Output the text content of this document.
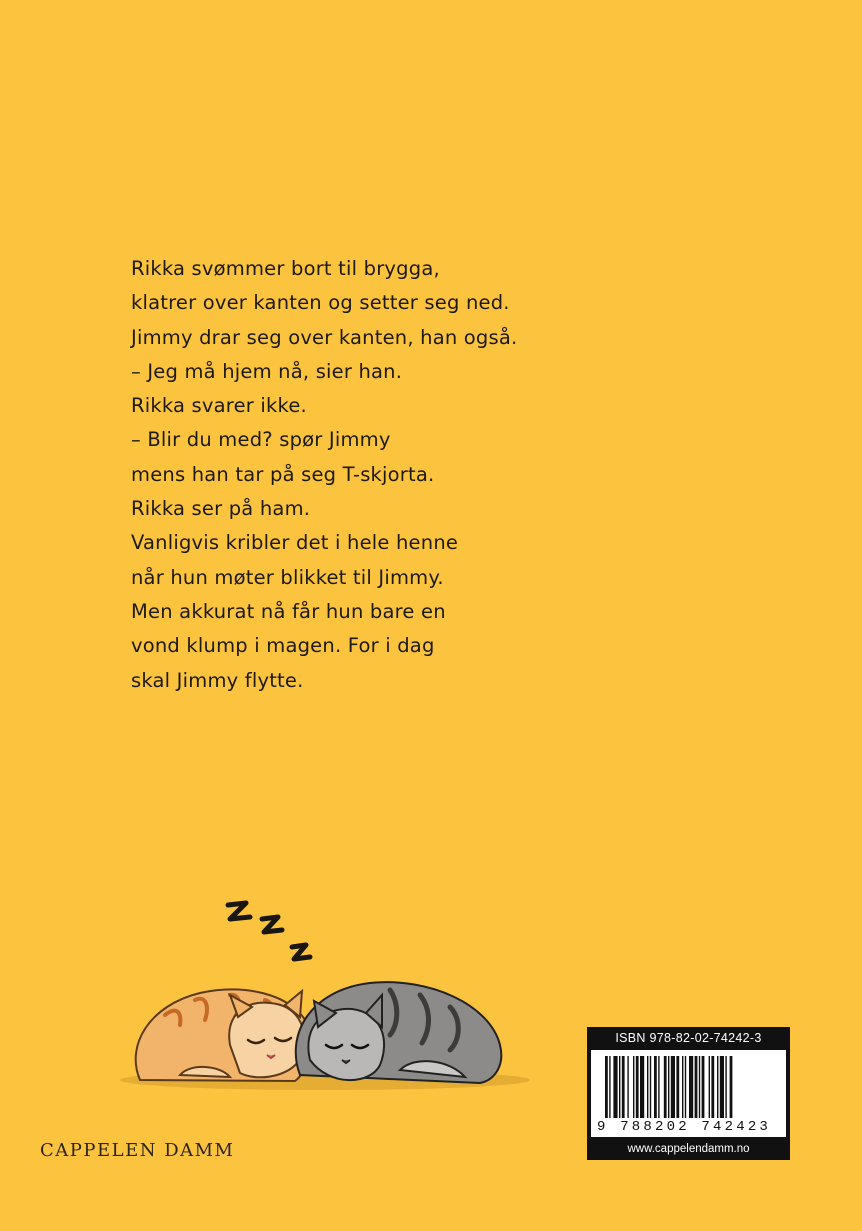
Rikka svømmer bort til brygga,
klatrer over kanten og setter seg ned.
Jimmy drar seg over kanten, han også.
– Jeg må hjem nå, sier han.
Rikka svarer ikke.
– Blir du med? spør Jimmy
mens han tar på seg T-skjorta.
Rikka ser på ham.
Vanligvis kribler det i hele henne
når hun møter blikket til Jimmy.
Men akkurat nå får hun bare en
vond klump i magen. For i dag
skal Jimmy flytte.
CAPPELEN DAMM
ISBN 978-82-02-74242-3
9 788202 742423
www.cappelendamm.no
